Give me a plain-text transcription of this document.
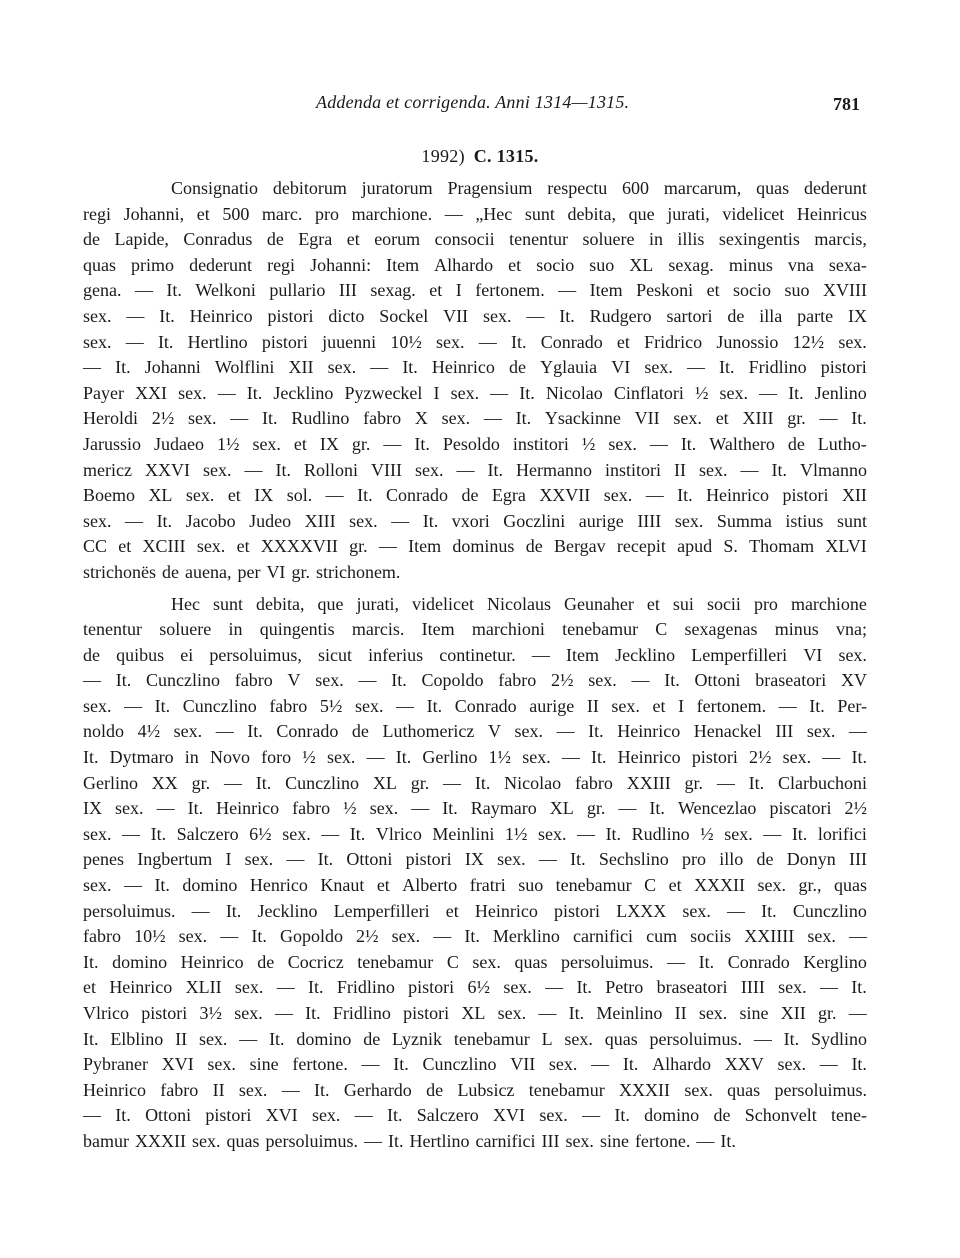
Addenda et corrigenda. Anni 1314—1315.	781
1992) C. 1315.
Consignatio debitorum juratorum Pragensium respectu 600 marcarum, quas dederunt
regi Johanni, et 500 marc. pro marchione. — „Hec sunt debita, que jurati, videlicet Heinricus
de Lapide, Conradus de Egra et eorum consocii tenentur soluere in illis sexingentis marcis,
quas primo dederunt regi Johanni: Item Alhardo et socio suo XL sexag. minus vna sexa-
gena. — It. Welkoni pullario III sexag. et I fertonem. — Item Peskoni et socio suo XVIII
sex. — It. Heinrico pistori dicto Sockel VII sex. — It. Rudgero sartori de illa parte IX
sex. — It. Hertlino pistori juuenni 10½ sex. — It. Conrado et Fridrico Junossio 12½ sex.
— It. Johanni Wolflini XII sex. — It. Heinrico de Yglauia VI sex. — It. Fridlino pistori
Payer XXI sex. — It. Jecklino Pyzweckel I sex. — It. Nicolao Cinflatori ½ sex. — It. Jenlino
Heroldi 2½ sex. — It. Rudlino fabro X sex. — It. Ysackinne VII sex. et XIII gr. — It.
Jarussio Judaeo 1½ sex. et IX gr. — It. Pesoldo institori ½ sex. — It. Walthero de Lutho-
mericz XXVI sex. — It. Rolloni VIII sex. — It. Hermanno institori II sex. — It. Vlmanno
Boemo XL sex. et IX sol. — It. Conrado de Egra XXVII sex. — It. Heinrico pistori XII
sex. — It. Jacobo Judeo XIII sex. — It. vxori Goczlini aurige IIII sex. Summa istius sunt
CC et XCIII sex. et XXXXVII gr. — Item dominus de Bergav recepit apud S. Thomam XLVI
strichonës de auena, per VI gr. strichonem.
Hec sunt debita, que jurati, videlicet Nicolaus Geunaher et sui socii pro marchione
tenentur soluere in quingentis marcis. Item marchioni tenebamur C sexagenas minus vna;
de quibus ei persoluimus, sicut inferius continetur. — Item Jecklino Lemperfilleri VI sex.
— It. Cunczlino fabro V sex. — It. Copoldo fabro 2½ sex. — It. Ottoni braseatori XV
sex. — It. Cunczlino fabro 5½ sex. — It. Conrado aurige II sex. et I fertonem. — It. Per-
noldo 4½ sex. — It. Conrado de Luthomericz V sex. — It. Heinrico Henackel III sex. —
It. Dytmaro in Novo foro ½ sex. — It. Gerlino 1½ sex. — It. Heinrico pistori 2½ sex. — It.
Gerlino XX gr. — It. Cunczlino XL gr. — It. Nicolao fabro XXIII gr. — It. Clarbuchoni
IX sex. — It. Heinrico fabro ½ sex. — It. Raymaro XL gr. — It. Wencezlao piscatori 2½
sex. — It. Salczero 6½ sex. — It. Vlrico Meinlini 1½ sex. — It. Rudlino ½ sex. — It. lorifici
penes Ingbertum I sex. — It. Ottoni pistori IX sex. — It. Sechslino pro illo de Donyn III
sex. — It. domino Henrico Knaut et Alberto fratri suo tenebamur C et XXXII sex. gr., quas
persoluimus. — It. Jecklino Lemperfilleri et Heinrico pistori LXXX sex. — It. Cunczlino
fabro 10½ sex. — It. Gopoldo 2½ sex. — It. Merklino carnifici cum sociis XXIIII sex. —
It. domino Heinrico de Cocricz tenebamur C sex. quas persoluimus. — It. Conrado Kerglino
et Heinrico XLII sex. — It. Fridlino pistori 6½ sex. — It. Petro braseatori IIII sex. — It.
Vlrico pistori 3½ sex. — It. Fridlino pistori XL sex. — It. Meinlino II sex. sine XII gr. —
It. Elblino II sex. — It. domino de Lyznik tenebamur L sex. quas persoluimus. — It. Sydlino
Pybraner XVI sex. sine fertone. — It. Cunczlino VII sex. — It. Alhardo XXV sex. — It.
Heinrico fabro II sex. — It. Gerhardo de Lubsicz tenebamur XXXII sex. quas persoluimus.
— It. Ottoni pistori XVI sex. — It. Salczero XVI sex. — It. domino de Schonvelt tene-
bamur XXXII sex. quas persoluimus. — It. Hertlino carnifici III sex. sine fertone. — It.
